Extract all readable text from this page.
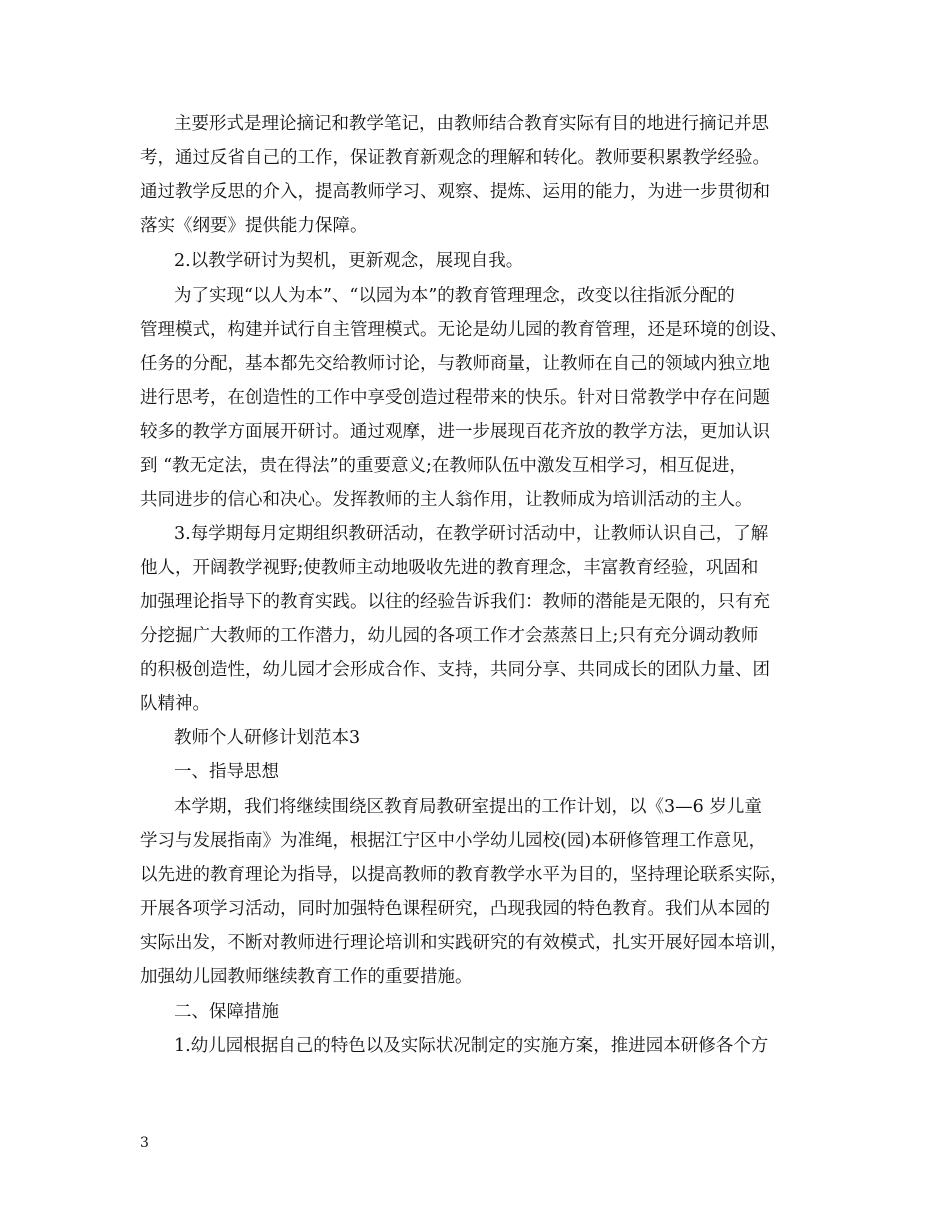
主要形式是理论摘记和教学笔记，由教师结合教育实际有目的地进行摘记并思
考，通过反省自己的工作，保证教育新观念的理解和转化。教师要积累教学经验。
通过教学反思的介入，提高教师学习、观察、提炼、运用的能力，为进一步贯彻和
落实《纲要》提供能力保障。
2.以教学研讨为契机，更新观念，展现自我。
为了实现“以人为本”、“以园为本”的教育管理理念，改变以往指派分配的
管理模式，构建并试行自主管理模式。无论是幼儿园的教育管理，还是环境的创设、
任务的分配，基本都先交给教师讨论，与教师商量，让教师在自己的领域内独立地
进行思考，在创造性的工作中享受创造过程带来的快乐。针对日常教学中存在问题
较多的教学方面展开研讨。通过观摩，进一步展现百花齐放的教学方法，更加认识
到 “教无定法，贵在得法”的重要意义;在教师队伍中激发互相学习，相互促进，
共同进步的信心和决心。发挥教师的主人翁作用，让教师成为培训活动的主人。
3.每学期每月定期组织教研活动，在教学研讨活动中，让教师认识自己，了解
他人，开阔教学视野;使教师主动地吸收先进的教育理念，丰富教育经验，巩固和
加强理论指导下的教育实践。以往的经验告诉我们：教师的潜能是无限的，只有充
分挖掘广大教师的工作潜力，幼儿园的各项工作才会蒸蒸日上;只有充分调动教师
的积极创造性，幼儿园才会形成合作、支持，共同分享、共同成长的团队力量、团
队精神。
教师个人研修计划范本3
一、指导思想
本学期，我们将继续围绕区教育局教研室提出的工作计划，以《3—6 岁儿童
学习与发展指南》为准绳，根据江宁区中小学幼儿园校(园)本研修管理工作意见，
以先进的教育理论为指导，以提高教师的教育教学水平为目的，坚持理论联系实际，
开展各项学习活动，同时加强特色课程研究，凸现我园的特色教育。我们从本园的
实际出发，不断对教师进行理论培训和实践研究的有效模式，扎实开展好园本培训，
加强幼儿园教师继续教育工作的重要措施。
二、保障措施
1.幼儿园根据自己的特色以及实际状况制定的实施方案，推进园本研修各个方
3
